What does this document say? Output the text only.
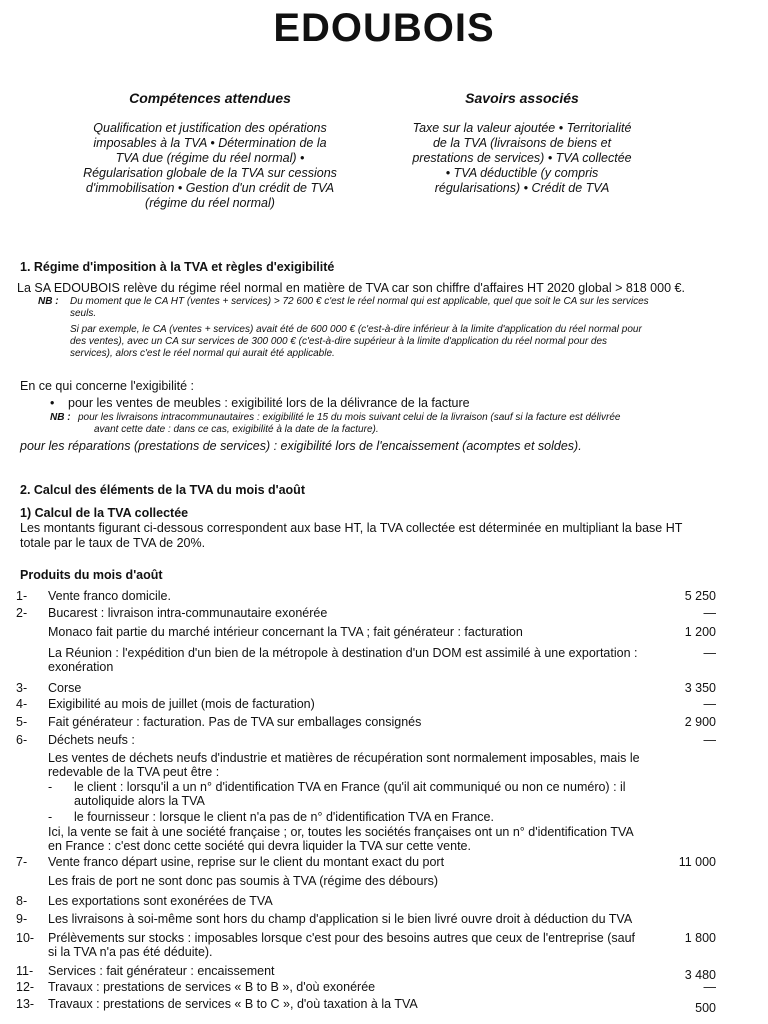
EDOUBOIS
Compétences attendues	Savoirs associés
Qualification et justification des opérations
imposables à la TVA • Détermination de la
TVA due (régime du réel normal) •
Régularisation globale de la TVA sur cessions
d'immobilisation • Gestion d'un crédit de TVA
(régime du réel normal)
Taxe sur la valeur ajoutée • Territorialité
de la TVA (livraisons de biens et
prestations de services) • TVA collectée
• TVA déductible (y compris
régularisations) • Crédit de TVA
1. Régime d'imposition à la TVA et règles d'exigibilité
La SA EDOUBOIS relève du régime réel normal en matière de TVA car son chiffre d'affaires HT 2020 global > 818 000 €.
NB : Du moment que le CA HT (ventes + services) > 72 600 € c'est le réel normal qui est applicable, quel que soit le CA sur les services
seuls.
Si par exemple, le CA (ventes + services) avait été de 600 000 € (c'est-à-dire inférieur à la limite d'application du réel normal pour
des ventes), avec un CA sur services de 300 000 € (c'est-à-dire supérieur à la limite d'application du réel normal pour des
services), alors c'est le réel normal qui aurait été applicable.
En ce qui concerne l'exigibilité :
• pour les ventes de meubles : exigibilité lors de la délivrance de la facture
NB : pour les livraisons intracommunautaires : exigibilité le 15 du mois suivant celui de la livraison (sauf si la facture est délivrée
avant cette date : dans ce cas, exigibilité à la date de la facture).
pour les réparations (prestations de services) : exigibilité lors de l'encaissement (acomptes et soldes).
2. Calcul des éléments de la TVA du mois d'août
1) Calcul de la TVA collectée
Les montants figurant ci-dessous correspondent aux base HT, la TVA collectée est déterminée en multipliant la base HT
totale par le taux de TVA de 20%.
Produits du mois d'août
1- Vente franco domicile.	5 250
2- Bucarest : livraison intra-communautaire exonérée	—
Monaco fait partie du marché intérieur concernant la TVA ; fait générateur : facturation	1 200
La Réunion : l'expédition d'un bien de la métropole à destination d'un DOM est assimilé à une exportation :	—
exonération
3- Corse	3 350
4- Exigibilité au mois de juillet (mois de facturation)	—
5- Fait générateur : facturation. Pas de TVA sur emballages consignés	2 900
6- Déchets neufs :	—
Les ventes de déchets neufs d'industrie et matières de récupération sont normalement imposables, mais le
redevable de la TVA peut être :
- le client : lorsqu'il a un n° d'identification TVA en France (qu'il ait communiqué ou non ce numéro) : il
autoliquide alors la TVA
- le fournisseur : lorsque le client n'a pas de n° d'identification TVA en France.
Ici, la vente se fait à une société française ; or, toutes les sociétés françaises ont un n° d'identification TVA
en France : c'est donc cette société qui devra liquider la TVA sur cette vente.
7- Vente franco départ usine, reprise sur le client du montant exact du port	11 000
Les frais de port ne sont donc pas soumis à TVA (régime des débours)
8- Les exportations sont exonérées de TVA
9- Les livraisons à soi-même sont hors du champ d'application si le bien livré ouvre droit à déduction du TVA
10- Prélèvements sur stocks : imposables lorsque c'est pour des besoins autres que ceux de l'entreprise (sauf	1 800
si la TVA n'a pas été déduite).
11- Services : fait générateur : encaissement	3 480
12- Travaux : prestations de services « B to B », d'où exonérée	—
13- Travaux : prestations de services « B to C », d'où taxation à la TVA	500
